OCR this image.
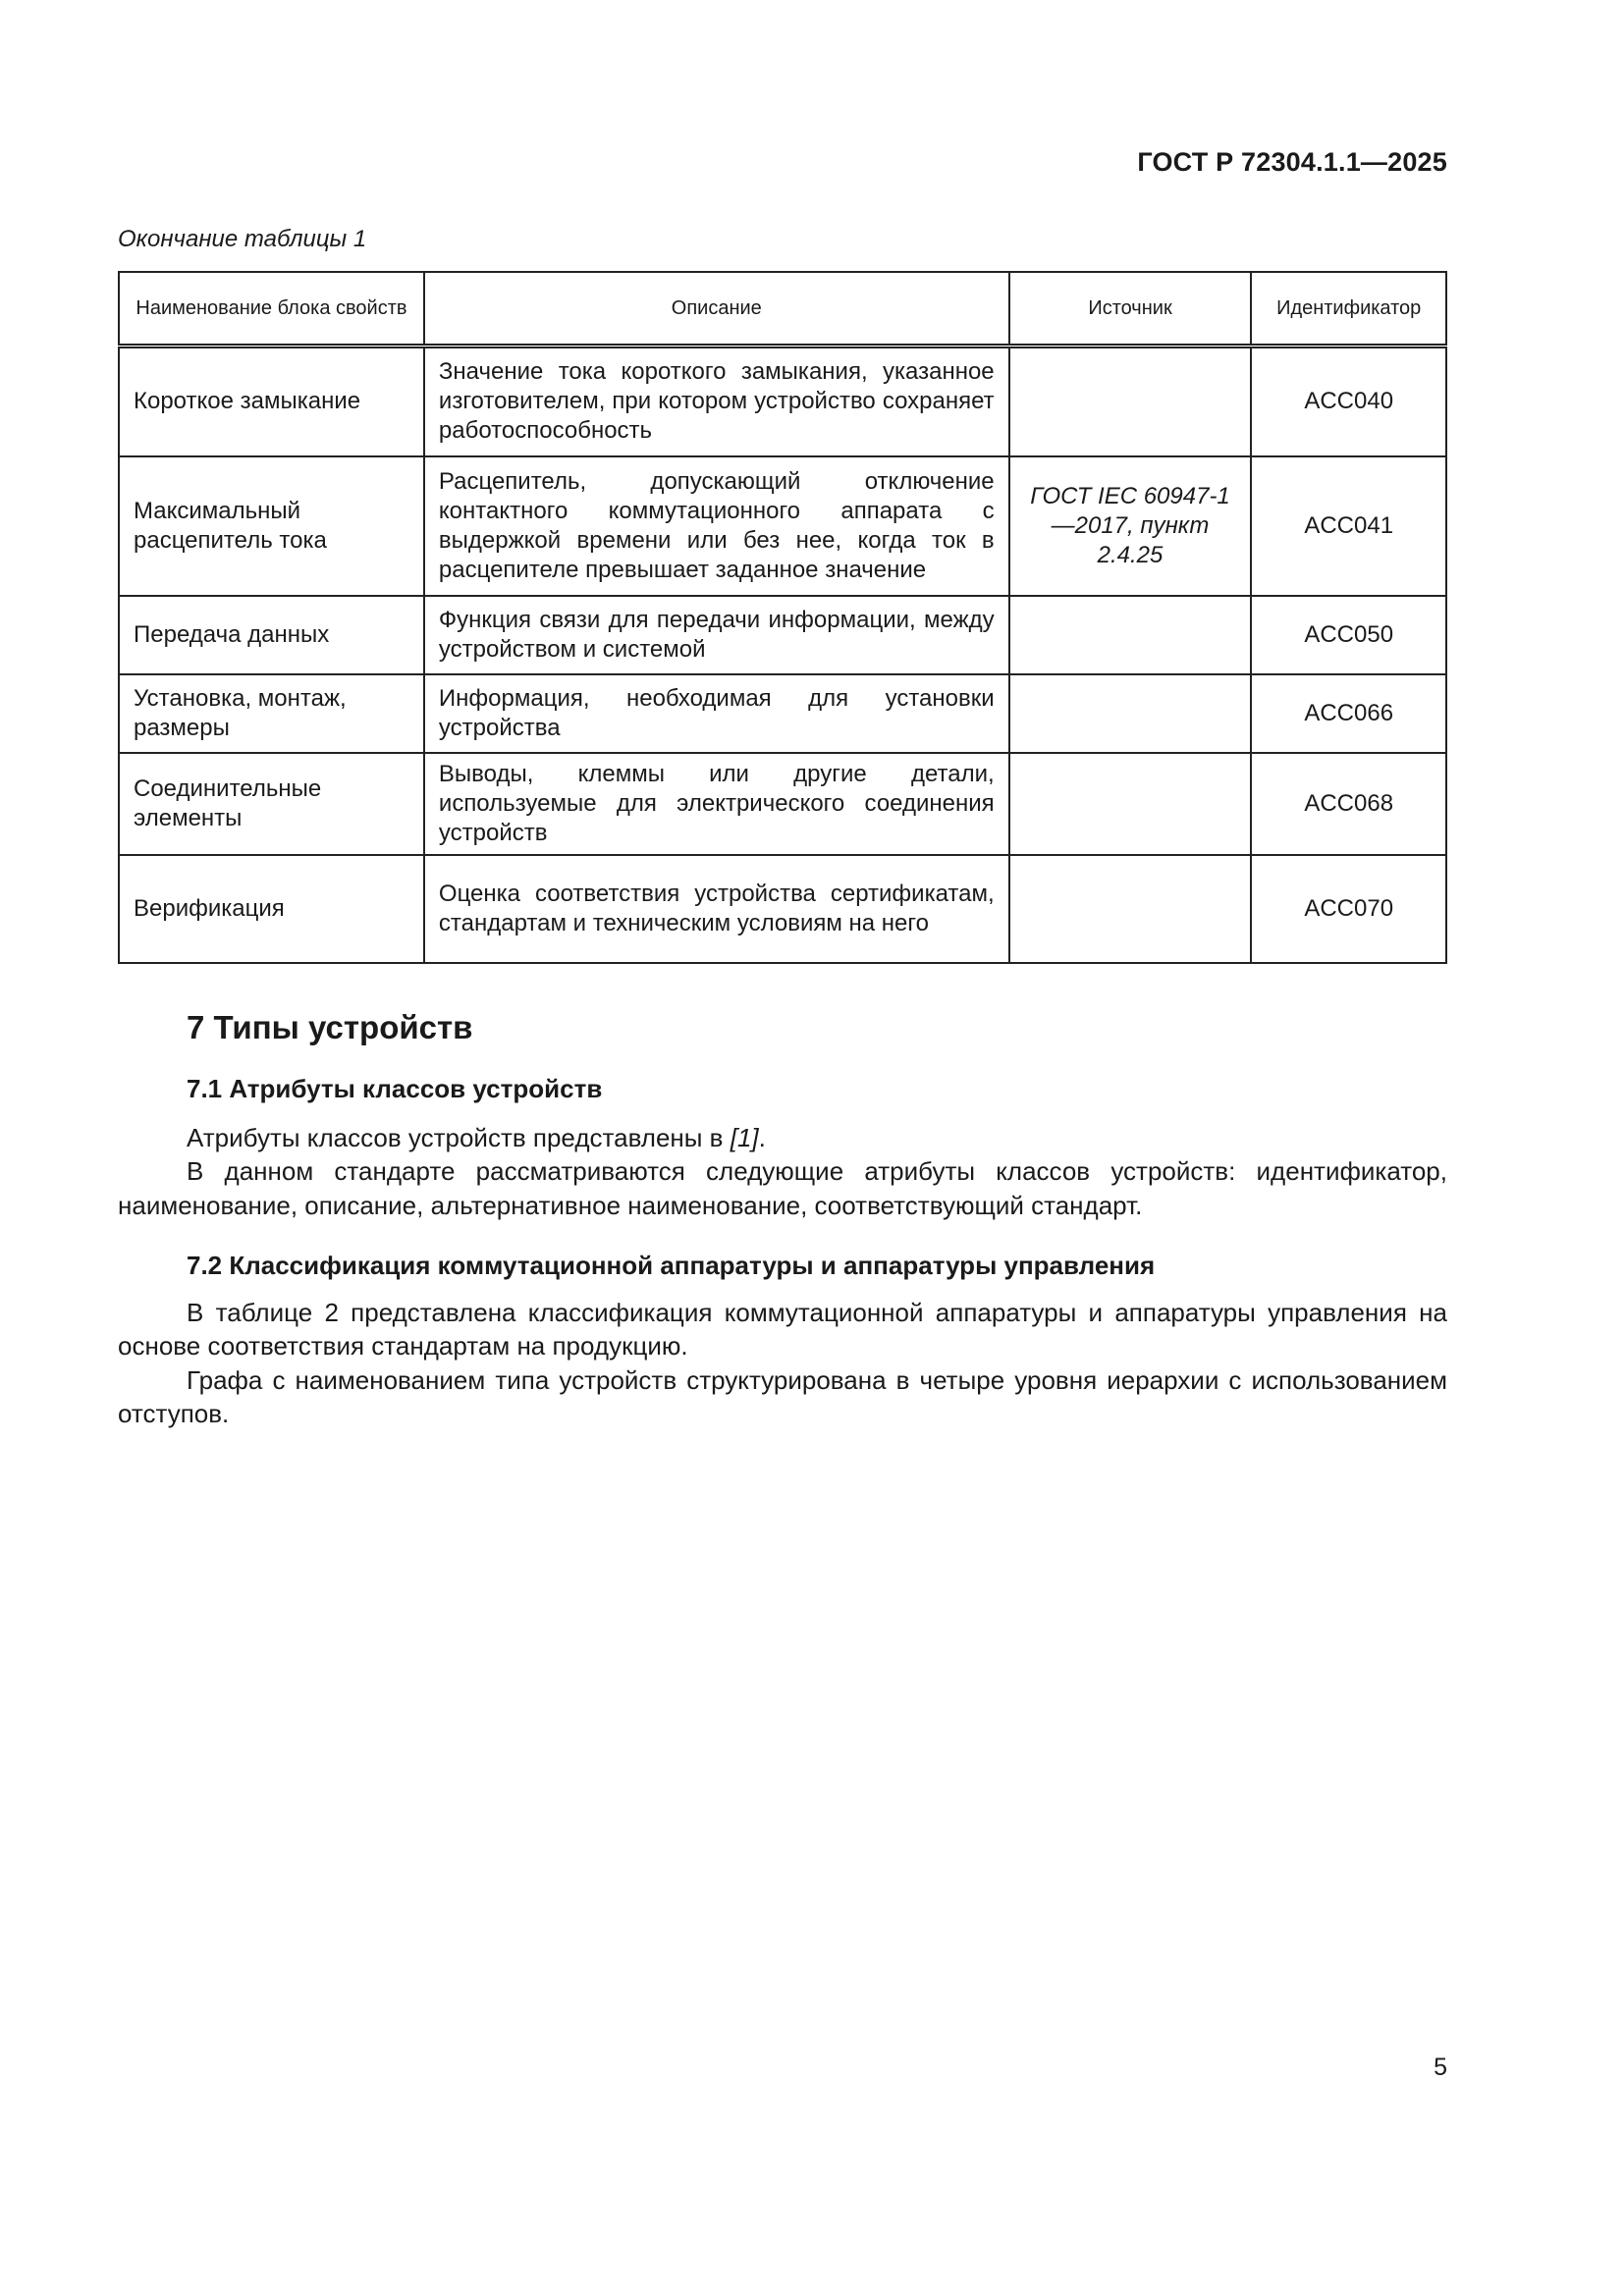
ГОСТ Р 72304.1.1—2025
Окончание таблицы 1
Наименование блока свойств	Описание	Источник	Идентификатор
Короткое замыкание	Значение тока короткого замыкания, указанное изготовителем, при котором устройство сохраняет работоспособность		ACC040
Максимальный расцепитель тока	Расцепитель, допускающий отключение контактного коммутационного аппарата с выдержкой времени или без нее, когда ток в расцепителе превышает заданное значение	ГОСТ IEC 60947-1—2017, пункт 2.4.25	ACC041
Передача данных	Функция связи для передачи информации, между устройством и системой		ACC050
Установка, монтаж, размеры	Информация, необходимая для установки устройства		ACC066
Соединительные элементы	Выводы, клеммы или другие детали, используемые для электрического соединения устройств		ACC068
Верификация	Оценка соответствия устройства сертификатам, стандартам и техническим условиям на него		ACC070
7 Типы устройств
7.1 Атрибуты классов устройств

Атрибуты классов устройств представлены в [1].

В данном стандарте рассматриваются следующие атрибуты классов устройств: идентификатор, наименование, описание, альтернативное наименование, соответствующий стандарт.

7.2 Классификация коммутационной аппаратуры и аппаратуры управления

В таблице 2 представлена классификация коммутационной аппаратуры и аппаратуры управления на основе соответствия стандартам на продукцию.

Графа с наименованием типа устройств структурирована в четыре уровня иерархии с использованием отступов.

5
